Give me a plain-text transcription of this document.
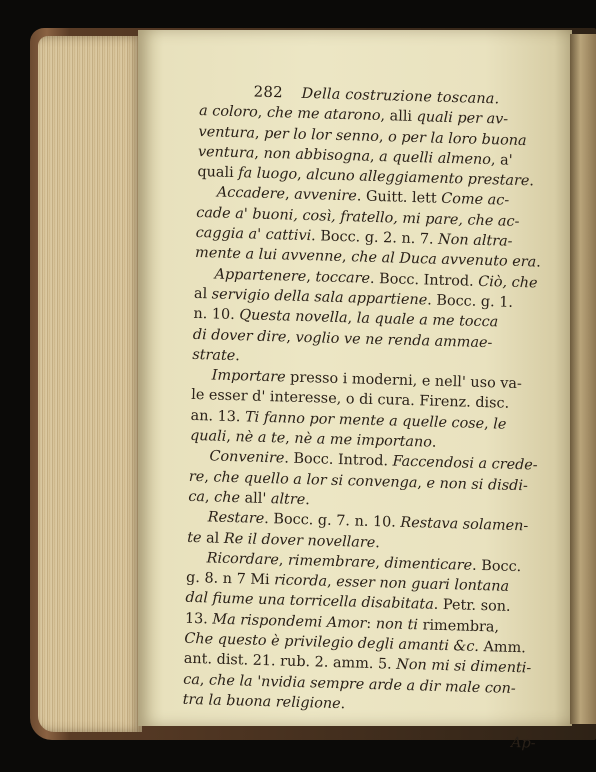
282 Della costruzione toscana.
a coloro, che me atarono, alli quali per av-
ventura, per lo lor senno, o per la loro buona
ventura, non abbisogna, a quelli almeno, a'
quali fa luogo, alcuno alleggiamento prestare.
Accadere, avvenire. Guitt. lett Come ac-
cade a' buoni, così, fratello, mi pare, che ac-
caggia a' cattivi. Bocc. g. 2. n. 7. Non altra-
mente a lui avvenne, che al Duca avvenuto era.
Appartenere, toccare. Bocc. Introd. Ciò, che
al servigio della sala appartiene. Bocc. g. 1.
n. 10. Questa novella, la quale a me tocca
di dover dire, voglio ve ne renda ammae-
strate.
Importare presso i moderni, e nell' uso va-
le esser d' interesse, o di cura. Firenz. disc.
an. 13. Ti fanno por mente a quelle cose, le
quali, nè a te, nè a me importano.
Convenire. Bocc. Introd. Faccendosi a crede-
re, che quello a lor si convenga, e non si disdi-
ca, che all' altre.
Restare. Bocc. g. 7. n. 10. Restava solamen-
te al Re il dover novellare.
Ricordare, rimembrare, dimenticare. Bocc.
g. 8. n 7 Mi ricorda, esser non guari lontana
dal fiume una torricella disabitata. Petr. son.
13. Ma rispondemi Amor: non ti rimembra,
Che questo è privilegio degli amanti &c. Amm.
ant. dist. 21. rub. 2. amm. 5. Non mi si dimenti-
ca, che la 'nvidia sempre arde a dir male con-
tra la buona religione.
Ap-
